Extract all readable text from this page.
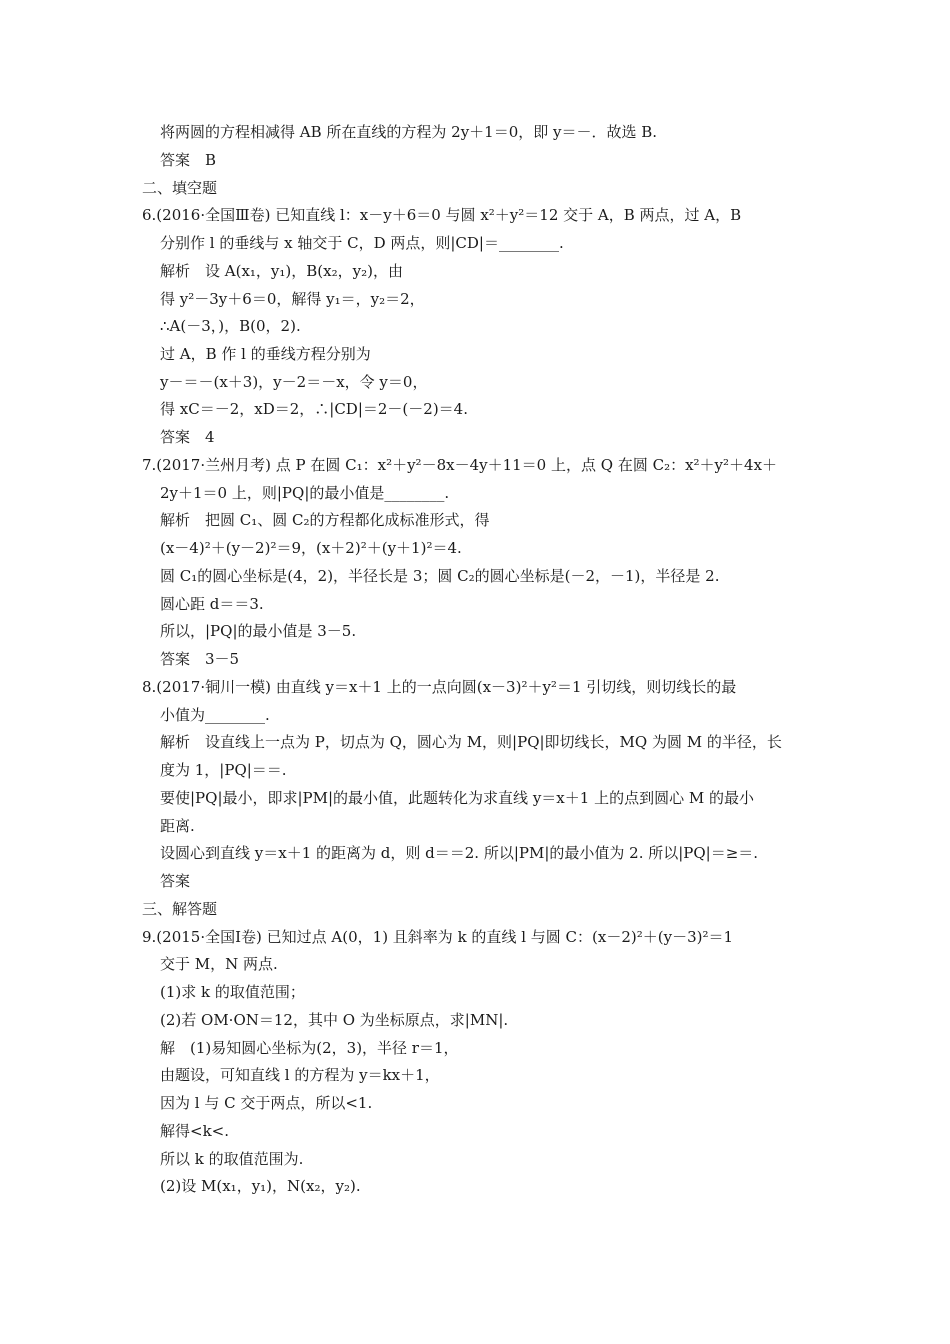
将两圆的方程相减得 AB 所在直线的方程为 2y＋1＝0，即 y＝－．故选 B.
答案　B
二、填空题
6.(2016·全国Ⅲ卷) 已知直线 l：x－y＋6＝0 与圆 x²＋y²＝12 交于 A，B 两点，过 A，B
分别作 l 的垂线与 x 轴交于 C，D 两点，则|CD|＝________.
解析　设 A(x₁，y₁)，B(x₂，y₂)，由
得 y²－3y＋6＝0，解得 y₁＝，y₂＝2，
∴A(－3，)，B(0，2).
过 A，B 作 l 的垂线方程分别为
y－＝－(x＋3)，y－2＝－x，令 y＝0，
得 xC＝－2，xD＝2，∴|CD|＝2－(－2)＝4.
答案　4
7.(2017·兰州月考) 点 P 在圆 C₁：x²＋y²－8x－4y＋11＝0 上，点 Q 在圆 C₂：x²＋y²＋4x＋
2y＋1＝0 上，则|PQ|的最小值是________.
解析　把圆 C₁、圆 C₂的方程都化成标准形式，得
(x－4)²＋(y－2)²＝9，(x＋2)²＋(y＋1)²＝4.
圆 C₁的圆心坐标是(4，2)，半径长是 3；圆 C₂的圆心坐标是(－2，－1)，半径是 2.
圆心距 d＝＝3.
所以，|PQ|的最小值是 3－5.
答案　3－5
8.(2017·铜川一模) 由直线 y＝x＋1 上的一点向圆(x－3)²＋y²＝1 引切线，则切线长的最
小值为________.
解析　设直线上一点为 P，切点为 Q，圆心为 M，则|PQ|即切线长，MQ 为圆 M 的半径，长
度为 1，|PQ|＝＝.
要使|PQ|最小，即求|PM|的最小值，此题转化为求直线 y＝x＋1 上的点到圆心 M 的最小
距离.
设圆心到直线 y＝x＋1 的距离为 d，则 d＝＝2. 所以|PM|的最小值为 2. 所以|PQ|＝≥＝.
答案
三、解答题
9.(2015·全国Ⅰ卷) 已知过点 A(0，1) 且斜率为 k 的直线 l 与圆 C：(x－2)²＋(y－3)²＝1
交于 M，N 两点.
(1)求 k 的取值范围；
(2)若 OM·ON＝12，其中 O 为坐标原点，求|MN|.
解　(1)易知圆心坐标为(2，3)，半径 r＝1，
由题设，可知直线 l 的方程为 y＝kx＋1，
因为 l 与 C 交于两点，所以<1.
解得<k<.
所以 k 的取值范围为.
(2)设 M(x₁，y₁)，N(x₂，y₂).
